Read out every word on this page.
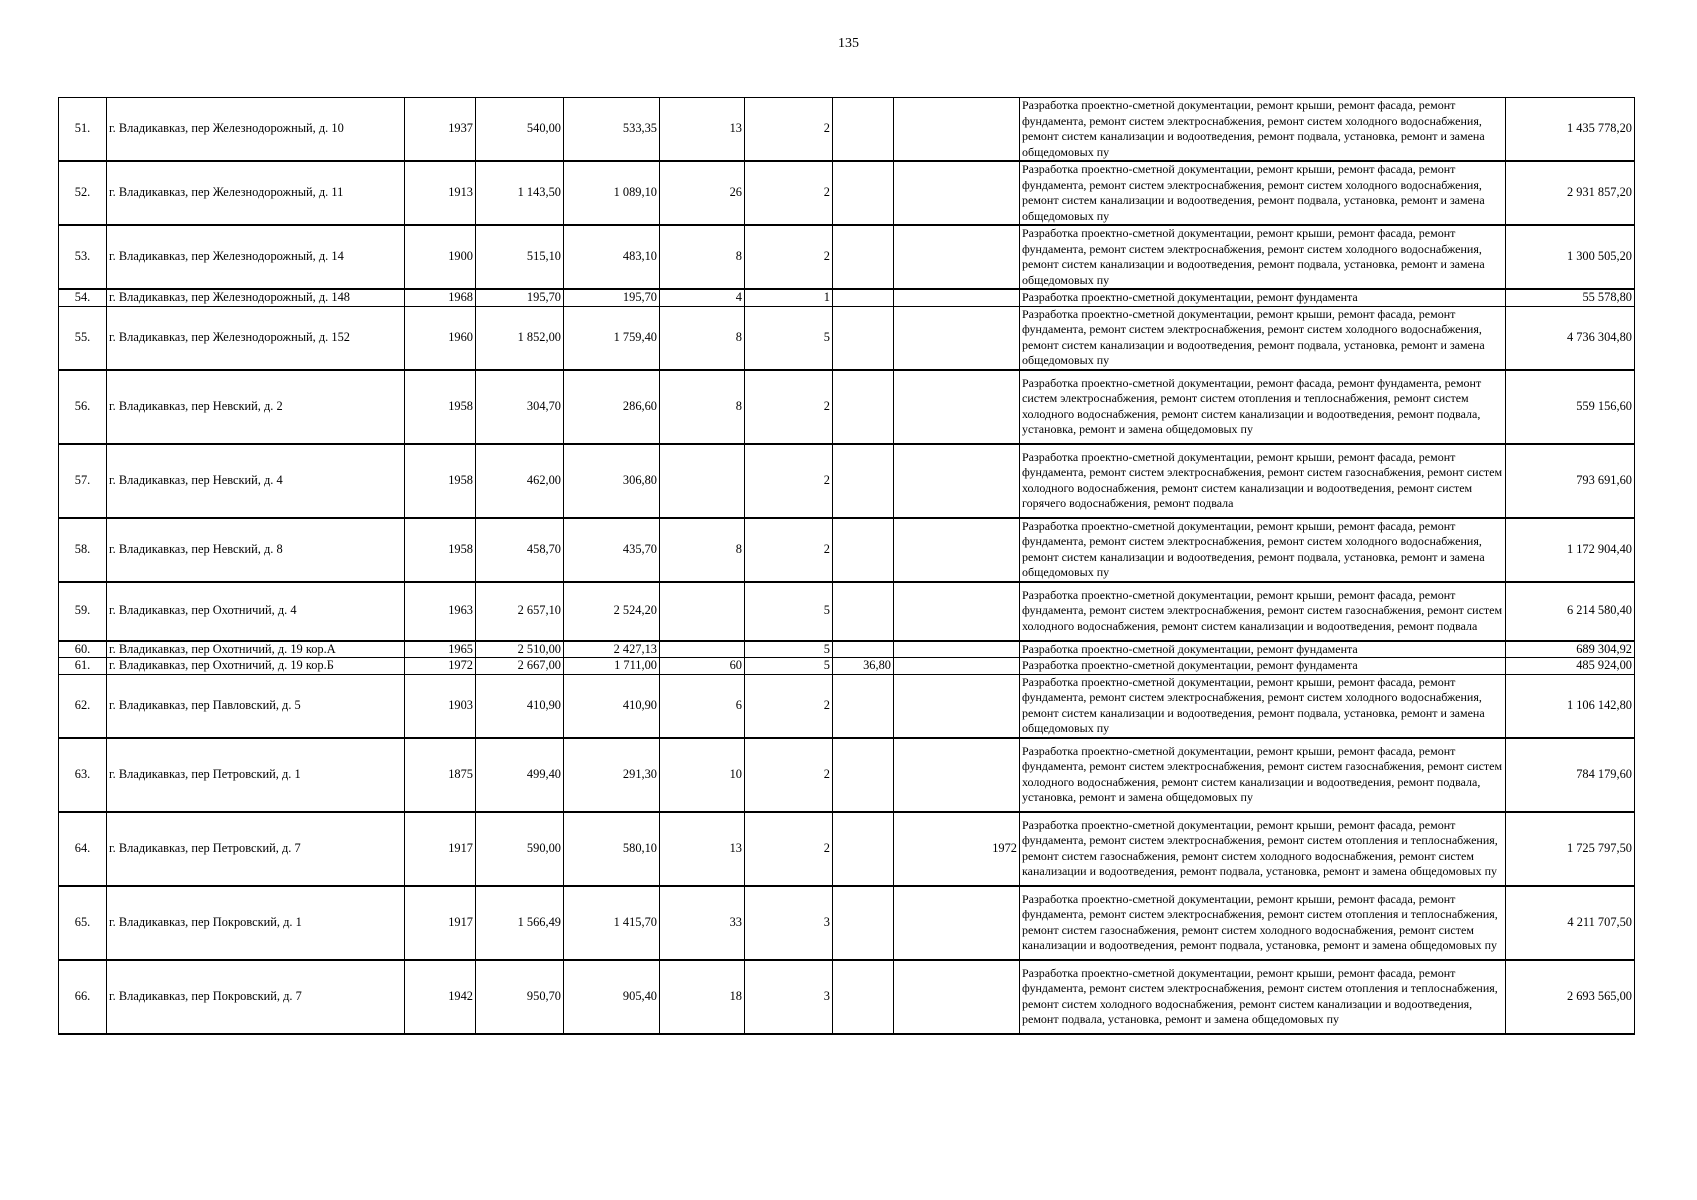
135
51.	г. Владикавказ, пер Железнодорожный, д. 10	1937	540,00	533,35	13	2			Разработка проектно-сметной документации, ремонт крыши, ремонт фасада, ремонт фундамента, ремонт систем электроснабжения, ремонт систем холодного водоснабжения, ремонт систем канализации и водоотведения, ремонт подвала, установка, ремонт и замена общедомовых пу	1 435 778,20
52.	г. Владикавказ, пер Железнодорожный, д. 11	1913	1 143,50	1 089,10	26	2			Разработка проектно-сметной документации, ремонт крыши, ремонт фасада, ремонт фундамента, ремонт систем электроснабжения, ремонт систем холодного водоснабжения, ремонт систем канализации и водоотведения, ремонт подвала, установка, ремонт и замена общедомовых пу	2 931 857,20
53.	г. Владикавказ, пер Железнодорожный, д. 14	1900	515,10	483,10	8	2			Разработка проектно-сметной документации, ремонт крыши, ремонт фасада, ремонт фундамента, ремонт систем электроснабжения, ремонт систем холодного водоснабжения, ремонт систем канализации и водоотведения, ремонт подвала, установка, ремонт и замена общедомовых пу	1 300 505,20
54.	г. Владикавказ, пер Железнодорожный, д. 148	1968	195,70	195,70	4	1			Разработка проектно-сметной документации, ремонт фундамента	55 578,80
55.	г. Владикавказ, пер Железнодорожный, д. 152	1960	1 852,00	1 759,40	8	5			Разработка проектно-сметной документации, ремонт крыши, ремонт фасада, ремонт фундамента, ремонт систем электроснабжения, ремонт систем холодного водоснабжения, ремонт систем канализации и водоотведения, ремонт подвала, установка, ремонт и замена общедомовых пу	4 736 304,80
56.	г. Владикавказ, пер Невский, д. 2	1958	304,70	286,60	8	2			Разработка проектно-сметной документации, ремонт фасада, ремонт фундамента, ремонт систем электроснабжения, ремонт систем отопления и теплоснабжения, ремонт систем холодного водоснабжения, ремонт систем канализации и водоотведения, ремонт подвала, установка, ремонт и замена общедомовых пу	559 156,60
57.	г. Владикавказ, пер Невский, д. 4	1958	462,00	306,80		2			Разработка проектно-сметной документации, ремонт крыши, ремонт фасада, ремонт фундамента, ремонт систем электроснабжения, ремонт систем газоснабжения, ремонт систем холодного водоснабжения, ремонт систем канализации и водоотведения, ремонт систем горячего водоснабжения, ремонт подвала	793 691,60
58.	г. Владикавказ, пер Невский, д. 8	1958	458,70	435,70	8	2			Разработка проектно-сметной документации, ремонт крыши, ремонт фасада, ремонт фундамента, ремонт систем электроснабжения, ремонт систем холодного водоснабжения, ремонт систем канализации и водоотведения, ремонт подвала, установка, ремонт и замена общедомовых пу	1 172 904,40
59.	г. Владикавказ, пер Охотничий, д. 4	1963	2 657,10	2 524,20		5			Разработка проектно-сметной документации, ремонт крыши, ремонт фасада, ремонт фундамента, ремонт систем электроснабжения, ремонт систем газоснабжения, ремонт систем холодного водоснабжения, ремонт систем канализации и водоотведения, ремонт подвала	6 214 580,40
60.	г. Владикавказ, пер Охотничий, д. 19 кор.А	1965	2 510,00	2 427,13		5			Разработка проектно-сметной документации, ремонт фундамента	689 304,92
61.	г. Владикавказ, пер Охотничий, д. 19 кор.Б	1972	2 667,00	1 711,00	60	5	36,80		Разработка проектно-сметной документации, ремонт фундамента	485 924,00
62.	г. Владикавказ, пер Павловский, д. 5	1903	410,90	410,90	6	2			Разработка проектно-сметной документации, ремонт крыши, ремонт фасада, ремонт фундамента, ремонт систем электроснабжения, ремонт систем холодного водоснабжения, ремонт систем канализации и водоотведения, ремонт подвала, установка, ремонт и замена общедомовых пу	1 106 142,80
63.	г. Владикавказ, пер Петровский, д. 1	1875	499,40	291,30	10	2			Разработка проектно-сметной документации, ремонт крыши, ремонт фасада, ремонт фундамента, ремонт систем электроснабжения, ремонт систем газоснабжения, ремонт систем холодного водоснабжения, ремонт систем канализации и водоотведения, ремонт подвала, установка, ремонт и замена общедомовых пу	784 179,60
64.	г. Владикавказ, пер Петровский, д. 7	1917	590,00	580,10	13	2		1972	Разработка проектно-сметной документации, ремонт крыши, ремонт фасада, ремонт фундамента, ремонт систем электроснабжения, ремонт систем отопления и теплоснабжения, ремонт систем газоснабжения, ремонт систем холодного водоснабжения, ремонт систем канализации и водоотведения, ремонт подвала, установка, ремонт и замена общедомовых пу	1 725 797,50
65.	г. Владикавказ, пер Покровский, д. 1	1917	1 566,49	1 415,70	33	3			Разработка проектно-сметной документации, ремонт крыши, ремонт фасада, ремонт фундамента, ремонт систем электроснабжения, ремонт систем отопления и теплоснабжения, ремонт систем газоснабжения, ремонт систем холодного водоснабжения, ремонт систем канализации и водоотведения, ремонт подвала, установка, ремонт и замена общедомовых пу	4 211 707,50
66.	г. Владикавказ, пер Покровский, д. 7	1942	950,70	905,40	18	3			Разработка проектно-сметной документации, ремонт крыши, ремонт фасада, ремонт фундамента, ремонт систем электроснабжения, ремонт систем отопления и теплоснабжения, ремонт систем холодного водоснабжения, ремонт систем канализации и водоотведения, ремонт подвала, установка, ремонт и замена общедомовых пу	2 693 565,00
